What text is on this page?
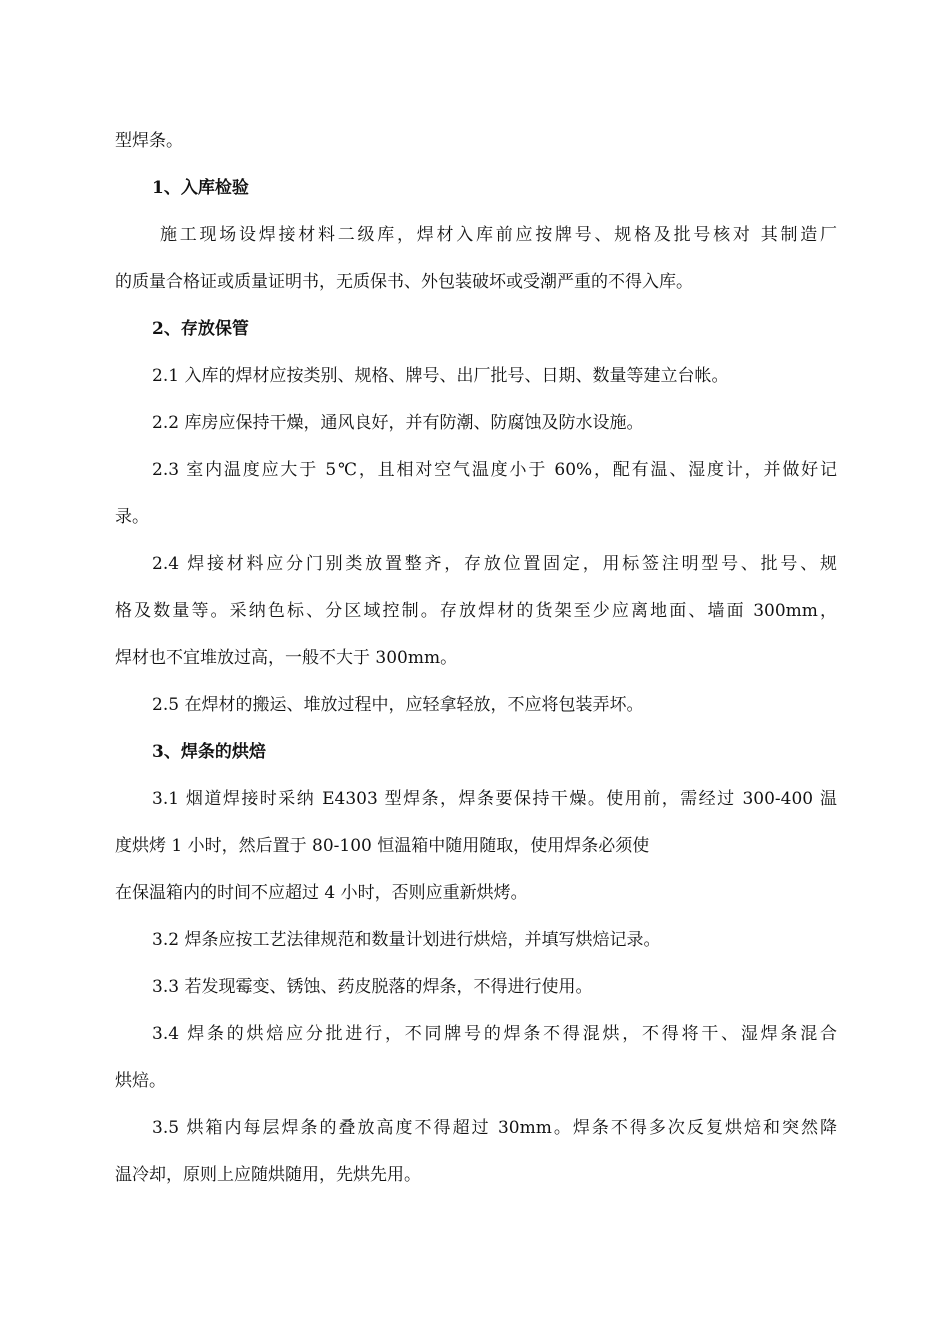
型焊条。
1、入库检验
施工现场设焊接材料二级库，焊材入库前应按牌号、规格及批号核对 其制造厂
的质量合格证或质量证明书，无质保书、外包装破坏或受潮严重的不得入库。
2、存放保管
2.1 入库的焊材应按类别、规格、牌号、出厂批号、日期、数量等建立台帐。
2.2 库房应保持干燥，通风良好，并有防潮、防腐蚀及防水设施。
2.3 室内温度应大于 5℃，且相对空气温度小于 60%，配有温、湿度计，并做好记
录。
2.4 焊接材料应分门别类放置整齐，存放位置固定，用标签注明型号、批号、规
格及数量等。采纳色标、分区域控制。存放焊材的货架至少应离地面、墙面 300mm，
焊材也不宜堆放过高，一般不大于 300mm。
2.5 在焊材的搬运、堆放过程中，应轻拿轻放，不应将包装弄坏。
3、焊条的烘焙
3.1 烟道焊接时采纳 E4303 型焊条，焊条要保持干燥。使用前，需经过 300-400 温
度烘烤 1 小时，然后置于 80-100 恒温箱中随用随取，使用焊条必须使
在保温箱内的时间不应超过 4 小时，否则应重新烘烤。
3.2 焊条应按工艺法律规范和数量计划进行烘焙，并填写烘焙记录。
3.3 若发现霉变、锈蚀、药皮脱落的焊条，不得进行使用。
3.4 焊条的烘焙应分批进行，不同牌号的焊条不得混烘，不得将干、湿焊条混合
烘焙。
3.5 烘箱内每层焊条的叠放高度不得超过 30mm。焊条不得多次反复烘焙和突然降
温冷却，原则上应随烘随用，先烘先用。
